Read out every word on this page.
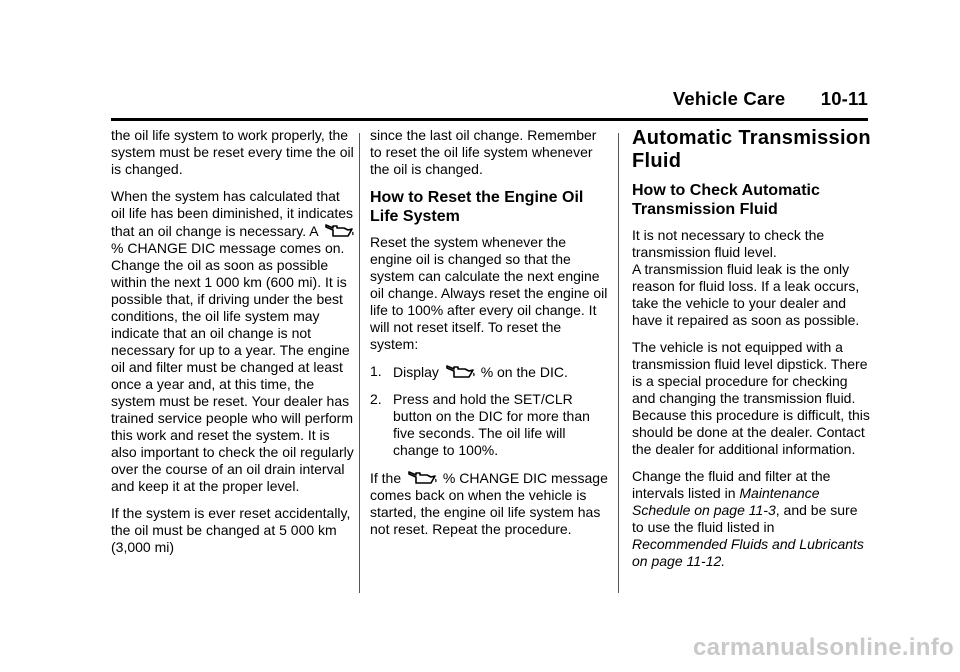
Vehicle Care 10-11

the oil life system to work properly, the system must be reset every time the oil is changed.

When the system has calculated that oil life has been diminished, it indicates that an oil change is necessary. A  % CHANGE DIC message comes on. Change the oil as soon as possible within the next 1 000 km (600 mi). It is possible that, if driving under the best conditions, the oil life system may indicate that an oil change is not necessary for up to a year. The engine oil and filter must be changed at least once a year and, at this time, the system must be reset. Your dealer has trained service people who will perform this work and reset the system. It is also important to check the oil regularly over the course of an oil drain interval and keep it at the proper level.

If the system is ever reset accidentally, the oil must be changed at 5 000 km (3,000 mi)

since the last oil change. Remember to reset the oil life system whenever the oil is changed.

How to Reset the Engine Oil Life System

Reset the system whenever the engine oil is changed so that the system can calculate the next engine oil change. Always reset the engine oil life to 100% after every oil change. It will not reset itself. To reset the system:

1. Display	% on the DIC.
2. Press and hold the SET/CLR button on the DIC for more than five seconds. The oil life will change to 100%.

If the	% CHANGE DIC message comes back on when the vehicle is started, the engine oil life system has not reset. Repeat the procedure.

Automatic Transmission Fluid
How to Check Automatic Transmission Fluid

It is not necessary to check the transmission fluid level.

A transmission fluid leak is the only reason for fluid loss. If a leak occurs, take the vehicle to your dealer and have it repaired as soon as possible.

The vehicle is not equipped with a transmission fluid level dipstick. There is a special procedure for checking and changing the transmission fluid. Because this procedure is difficult, this should be done at the dealer. Contact the dealer for additional information.

Change the fluid and filter at the intervals listed in Maintenance Schedule on page 11-3, and be sure to use the fluid listed in Recommended Fluids and Lubricants on page 11-12.

carmanualsonline.info
